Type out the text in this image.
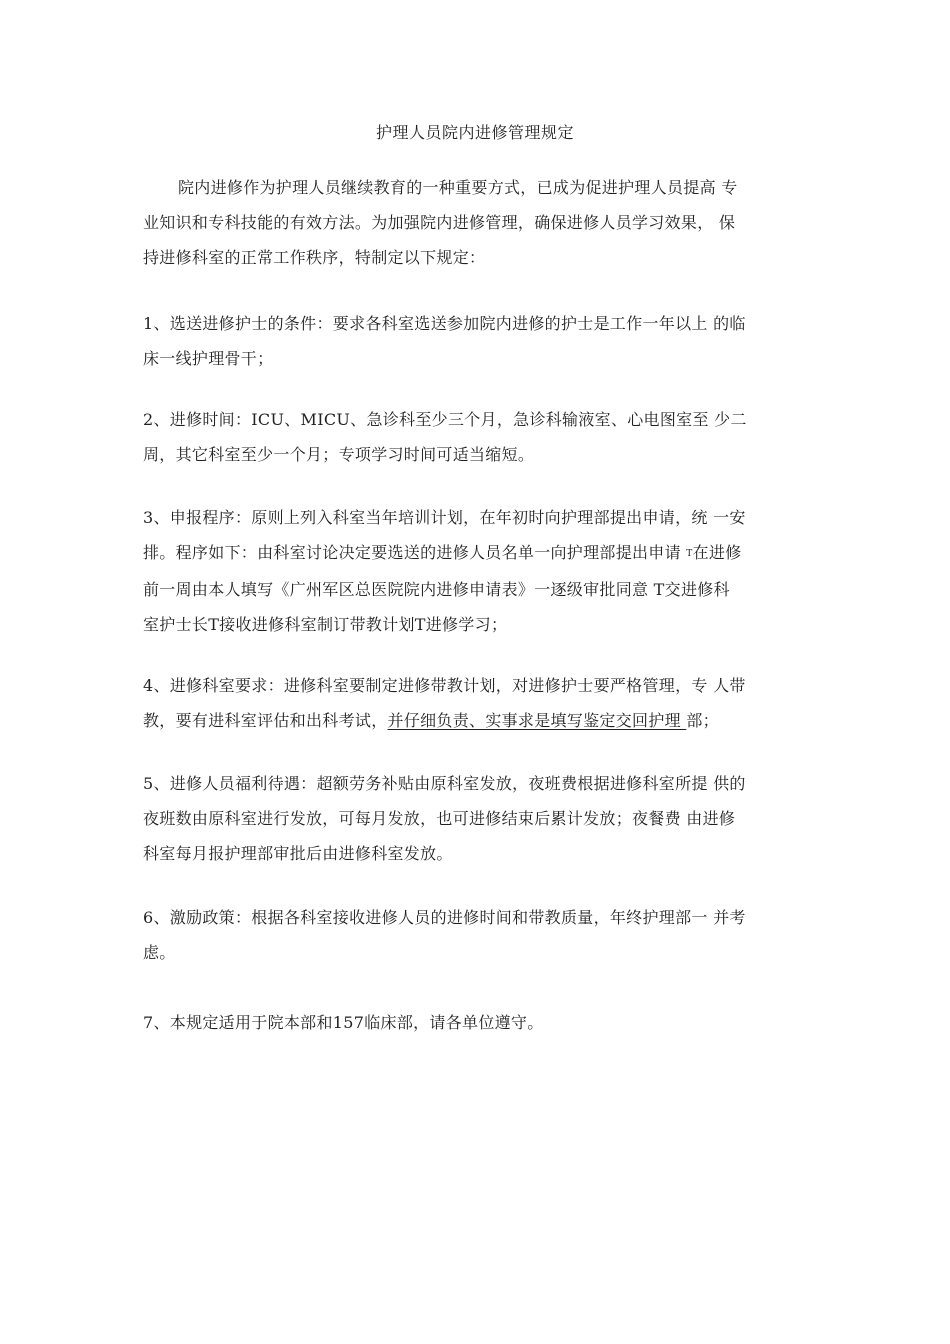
护理人员院内进修管理规定
院内进修作为护理人员继续教育的一种重要方式，已成为促进护理人员提高 专
业知识和专科技能的有效方法。为加强院内进修管理，确保进修人员学习效果， 保
持进修科室的正常工作秩序，特制定以下规定：
1、选送进修护士的条件：要求各科室选送参加院内进修的护士是工作一年以上 的临
床一线护理骨干；
2、进修时间：ICU、MICU、急诊科至少三个月，急诊科输液室、心电图室至 少二
周，其它科室至少一个月；专项学习时间可适当缩短。
3、申报程序：原则上列入科室当年培训计划，在年初时向护理部提出申请，统 一安
排。程序如下：由科室讨论决定要选送的进修人员名单一向护理部提出申请 T在进修
前一周由本人填写《广州军区总医院院内进修申请表》一逐级审批同意 T交进修科
室护士长T接收进修科室制订带教计划T进修学习；
4、进修科室要求：进修科室要制定进修带教计划，对进修护士要严格管理，专 人带
教，要有进科室评估和出科考试，并仔细负责、实事求是填写鉴定交回护理 部；
5、进修人员福利待遇：超额劳务补贴由原科室发放，夜班费根据进修科室所提 供的
夜班数由原科室进行发放，可每月发放，也可进修结束后累计发放；夜餐费 由进修
科室每月报护理部审批后由进修科室发放。
6、激励政策：根据各科室接收进修人员的进修时间和带教质量，年终护理部一 并考
虑。
7、本规定适用于院本部和157临床部，请各单位遵守。
